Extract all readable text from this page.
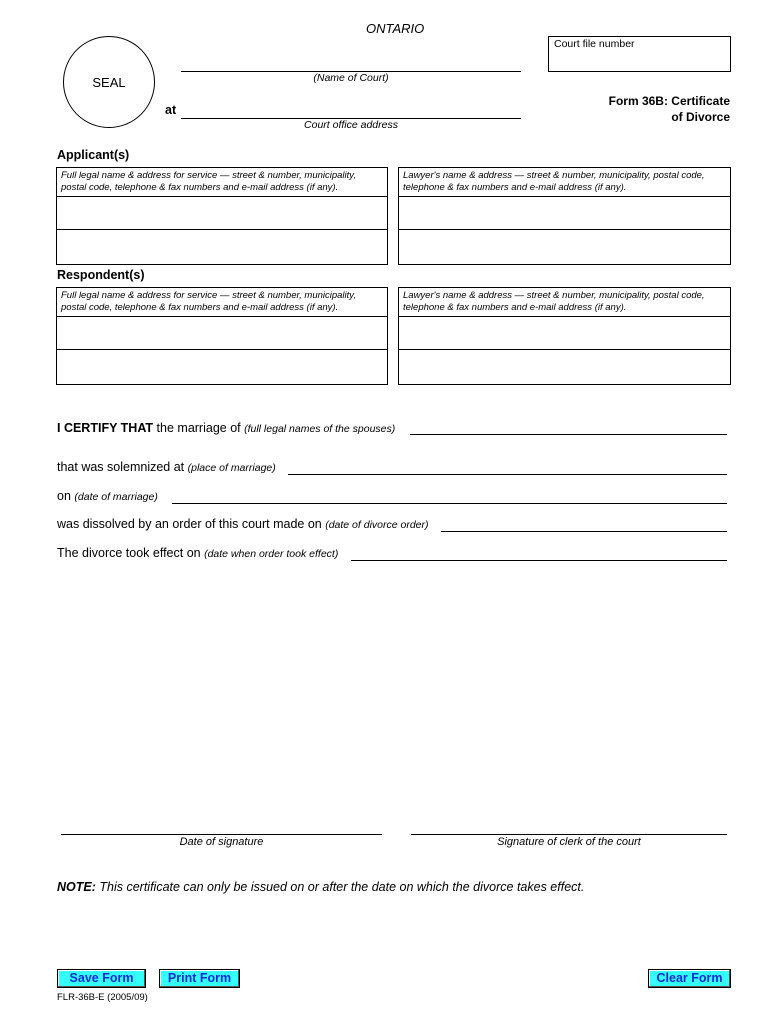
ONTARIO
SEAL	(Name of Court)
at
Court office address
Court file number
Form 36B: Certificate
of Divorce
Applicant(s)
Full legal name & address for service — street & number, municipality, postal code, telephone & fax numbers and e-mail address (if any).
Lawyer's name & address — street & number, municipality, postal code, telephone & fax numbers and e-mail address (if any).
Respondent(s)
Full legal name & address for service — street & number, municipality, postal code, telephone & fax numbers and e-mail address (if any).
Lawyer's name & address — street & number, municipality, postal code, telephone & fax numbers and e-mail address (if any).
I CERTIFY THAT the marriage of (full legal names of the spouses)
that was solemnized at (place of marriage)
on (date of marriage)
was dissolved by an order of this court made on (date of divorce order)
The divorce took effect on (date when order took effect)
Date of signature	Signature of clerk of the court
NOTE: This certificate can only be issued on or after the date on which the divorce takes effect.
Save Form	Print Form	Clear Form
FLR-36B-E (2005/09)
